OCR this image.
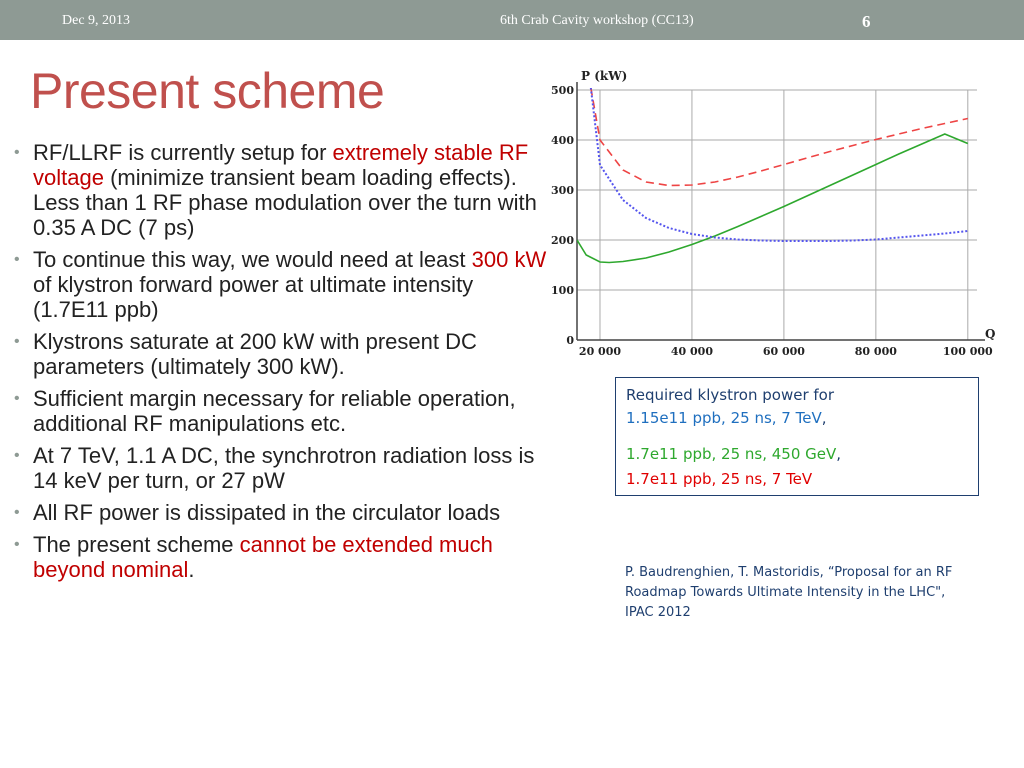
Dec 9, 2013	6th Crab Cavity workshop (CC13)	6
Present scheme
• RF/LLRF is currently setup for extremely stable RF voltage (minimize transient beam loading effects). Less than 1 RF phase modulation over the turn with 0.35 A DC (7 ps)
• To continue this way, we would need at least 300 kW of klystron forward power at ultimate intensity (1.7E11 ppb)
• Klystrons saturate at 200 kW with present DC parameters (ultimately 300 kW).
• Sufficient margin necessary for reliable operation, additional RF manipulations etc.
• At 7 TeV, 1.1 A DC, the synchrotron radiation loss is 14 keV per turn, or 27 pW
• All RF power is dissipated in the circulator loads
• The present scheme cannot be extended much beyond nominal.
0
100
200
300
400
500
20 000	40 000	60 000	80 000	100 000
P (kW)
Q
Required klystron power for
1.15e11 ppb, 25 ns, 7 TeV,
1.7e11 ppb, 25 ns, 450 GeV,
1.7e11 ppb, 25 ns, 7 TeV
P. Baudrenghien, T. Mastoridis, “Proposal for an RF Roadmap Towards Ultimate Intensity in the LHC", IPAC 2012
